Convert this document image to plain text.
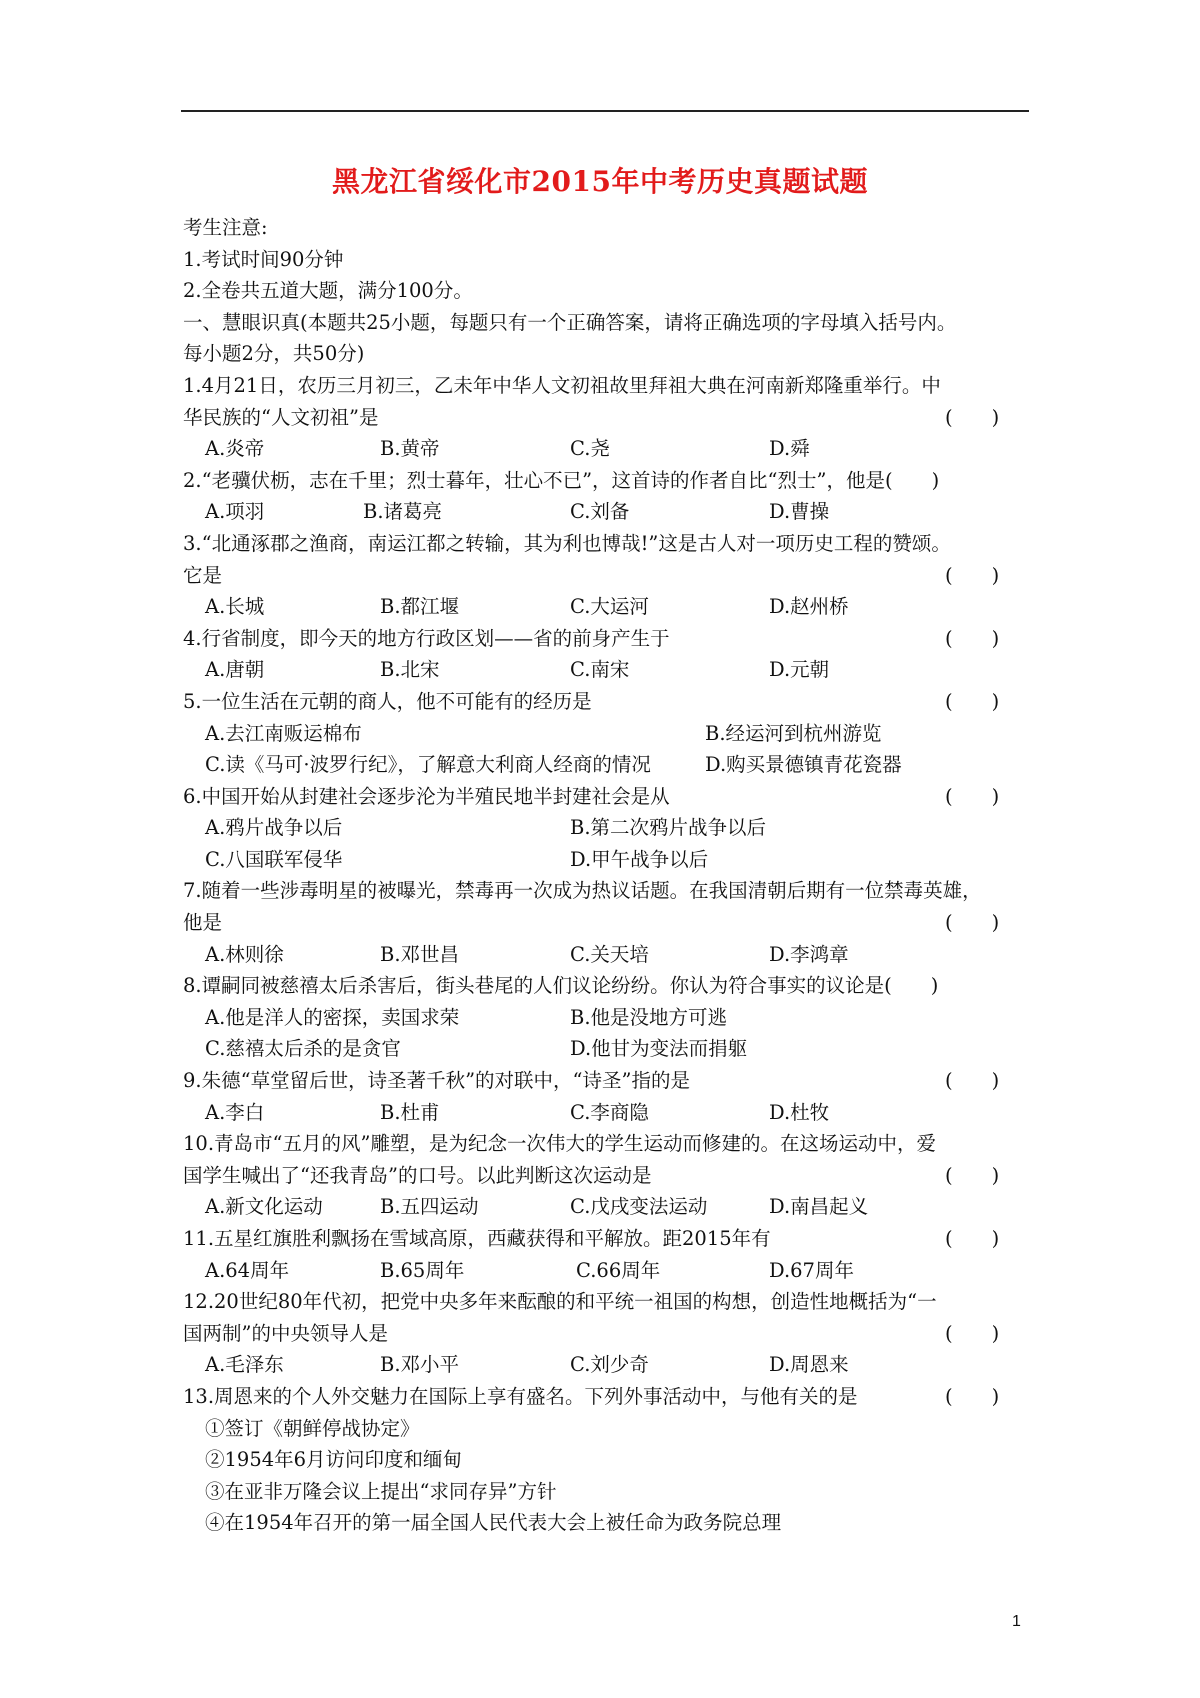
黑龙江省绥化市2015年中考历史真题试题
考生注意:
1.考试时间90分钟
2.全卷共五道大题，满分100分。
一、慧眼识真(本题共25小题，每题只有一个正确答案，请将正确选项的字母填入括号内。
每小题2分，共50分)
1.4月21日，农历三月初三，乙未年中华人文初祖故里拜祖大典在河南新郑隆重举行。中
华民族的“人文初祖”是	(　　)
A.炎帝	B.黄帝	C.尧	D.舜
2.“老骥伏枥，志在千里；烈士暮年，壮心不已”，这首诗的作者自比“烈士”，他是(　　)
A.项羽	B.诸葛亮	C.刘备	D.曹操
3.“北通涿郡之渔商，南运江都之转输，其为利也博哉!”这是古人对一项历史工程的赞颂。
它是	(　　)
A.长城	B.都江堰	C.大运河	D.赵州桥
4.行省制度，即今天的地方行政区划——省的前身产生于	(　　)
A.唐朝	B.北宋	C.南宋	D.元朝
5.一位生活在元朝的商人，他不可能有的经历是	(　　)
A.去江南贩运棉布	B.经运河到杭州游览
C.读《马可·波罗行纪》，了解意大利商人经商的情况	D.购买景德镇青花瓷器
6.中国开始从封建社会逐步沦为半殖民地半封建社会是从	(　　)
A.鸦片战争以后	B.第二次鸦片战争以后
C.八国联军侵华	D.甲午战争以后
7.随着一些涉毒明星的被曝光，禁毒再一次成为热议话题。在我国清朝后期有一位禁毒英雄，
他是	(　　)
A.林则徐	B.邓世昌	C.关天培	D.李鸿章
8.谭嗣同被慈禧太后杀害后，街头巷尾的人们议论纷纷。你认为符合事实的议论是(　　)
A.他是洋人的密探，卖国求荣	B.他是没地方可逃
C.慈禧太后杀的是贪官	D.他甘为变法而捐躯
9.朱德“草堂留后世，诗圣著千秋”的对联中，“诗圣”指的是	(　　)
A.李白	B.杜甫	C.李商隐	D.杜牧
10.青岛市“五月的风”雕塑，是为纪念一次伟大的学生运动而修建的。在这场运动中，爱
国学生喊出了“还我青岛”的口号。以此判断这次运动是	(　　)
A.新文化运动	B.五四运动	C.戊戌变法运动	D.南昌起义
11.五星红旗胜利飘扬在雪域高原，西藏获得和平解放。距2015年有	(　　)
A.64周年	B.65周年	C.66周年	D.67周年
12.20世纪80年代初，把党中央多年来酝酿的和平统一祖国的构想，创造性地概括为“一
国两制”的中央领导人是	(　　)
A.毛泽东	B.邓小平	C.刘少奇	D.周恩来
13.周恩来的个人外交魅力在国际上享有盛名。下列外事活动中，与他有关的是	(　　)
①签订《朝鲜停战协定》
②1954年6月访问印度和缅甸
③在亚非万隆会议上提出“求同存异”方针
④在1954年召开的第一届全国人民代表大会上被任命为政务院总理
1
